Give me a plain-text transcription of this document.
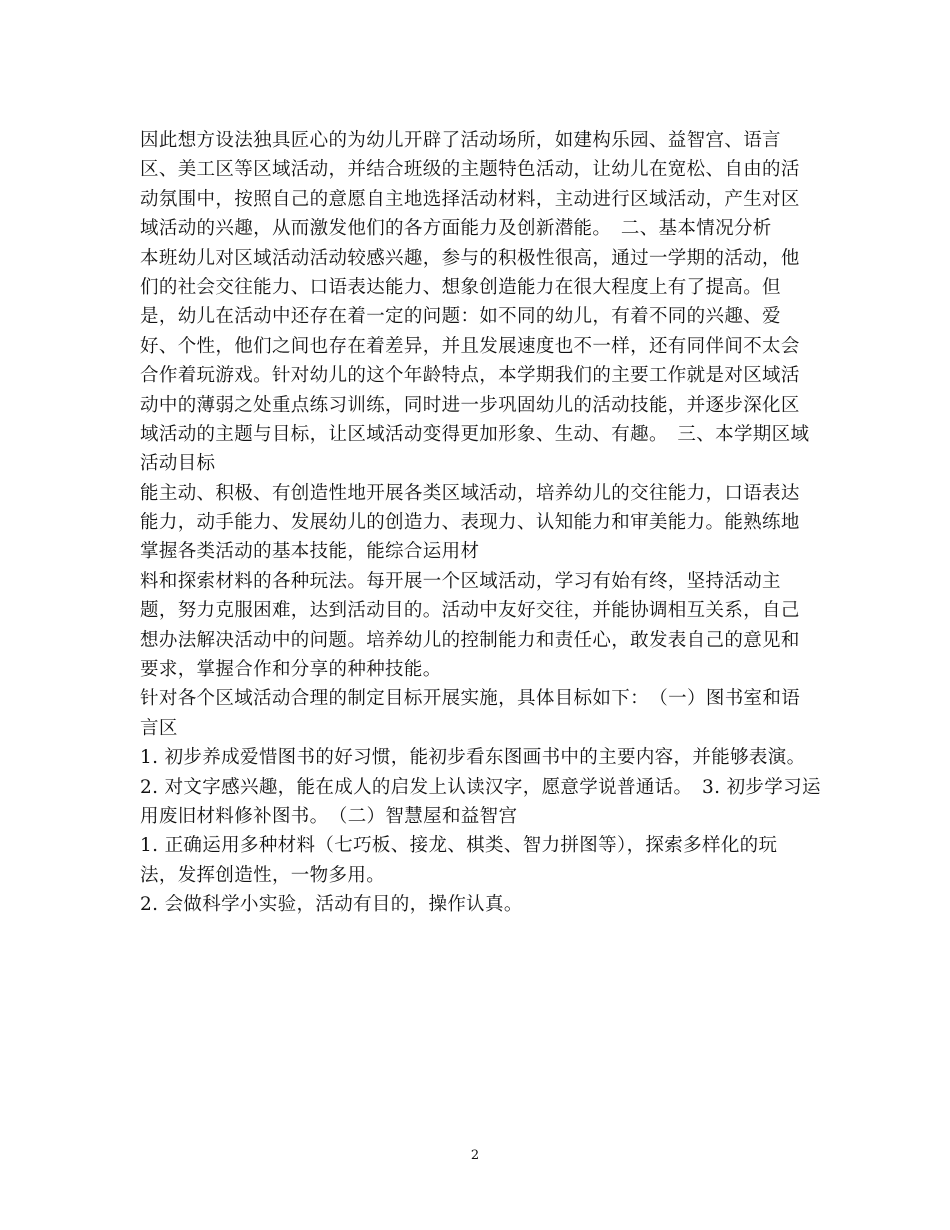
因此想方设法独具匠心的为幼儿开辟了活动场所，如建构乐园、益智宫、语言
区、美工区等区域活动，并结合班级的主题特色活动，让幼儿在宽松、自由的活
动氛围中，按照自己的意愿自主地选择活动材料，主动进行区域活动，产生对区
域活动的兴趣，从而激发他们的各方面能力及创新潜能。　二、基本情况分析
本班幼儿对区域活动活动较感兴趣，参与的积极性很高，通过一学期的活动，他
们的社会交往能力、口语表达能力、想象创造能力在很大程度上有了提高。但
是，幼儿在活动中还存在着一定的问题：如不同的幼儿，有着不同的兴趣、爱
好、个性，他们之间也存在着差异，并且发展速度也不一样，还有同伴间不太会
合作着玩游戏。针对幼儿的这个年龄特点，本学期我们的主要工作就是对区域活
动中的薄弱之处重点练习训练，同时进一步巩固幼儿的活动技能，并逐步深化区
域活动的主题与目标，让区域活动变得更加形象、生动、有趣。　三、本学期区域
活动目标
能主动、积极、有创造性地开展各类区域活动，培养幼儿的交往能力，口语表达
能力，动手能力、发展幼儿的创造力、表现力、认知能力和审美能力。能熟练地
掌握各类活动的基本技能，能综合运用材
料和探索材料的各种玩法。每开展一个区域活动，学习有始有终，坚持活动主
题，努力克服困难，达到活动目的。活动中友好交往，并能协调相互关系，自己
想办法解决活动中的问题。培养幼儿的控制能力和责任心，敢发表自己的意见和
要求，掌握合作和分享的种种技能。
针对各个区域活动合理的制定目标开展实施，具体目标如下：　（一）图书室和语
言区
1. 初步养成爱惜图书的好习惯，能初步看东图画书中的主要内容，并能够表演。
2. 对文字感兴趣，能在成人的启发上认读汉字，愿意学说普通话。　3. 初步学习运
用废旧材料修补图书。　（二）智慧屋和益智宫
1. 正确运用多种材料（七巧板、接龙、棋类、智力拼图等），探索多样化的玩
法，发挥创造性，一物多用。
2. 会做科学小实验，活动有目的，操作认真。
2
